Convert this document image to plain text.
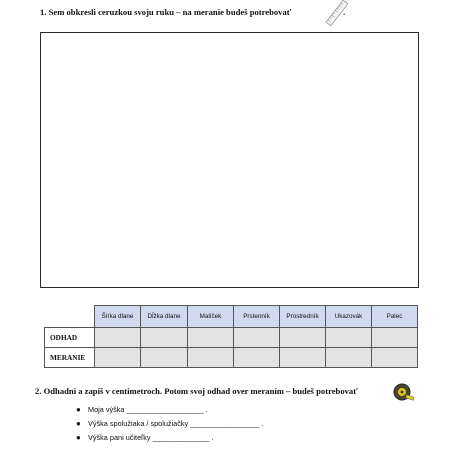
1. Sem obkresli ceruzkou svoju ruku – na meranie budeš potrebovať	.
	Šírka dlane	Dĺžka dlane	Malíček	Prstenník	Prostredník	Ukazovák	Palec
ODHAD							
MERANIE							
2. Odhadni a zapíš v centimetroch. Potom svoj odhad over meraním – budeš potrebovať
● Moja výška ___________________ .
● Výška spolužiaka / spolužiačky _________________ .
● Výška pani učiteľky ______________ .
